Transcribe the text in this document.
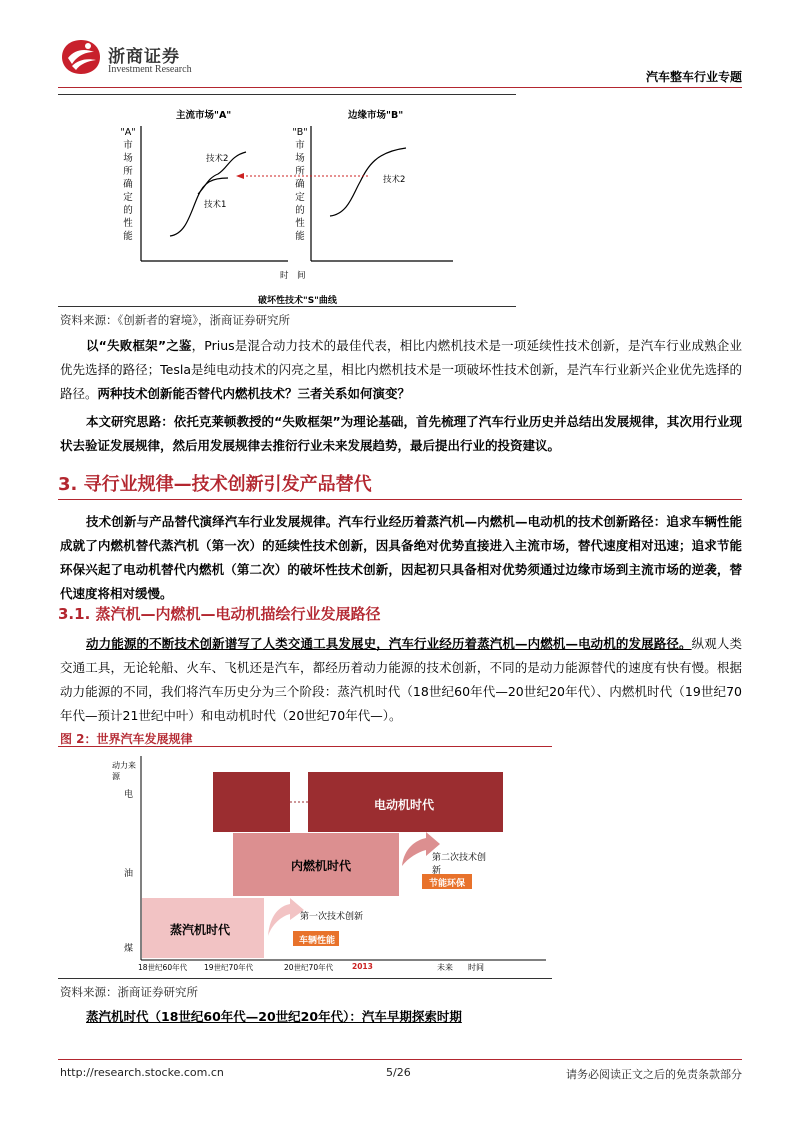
浙商证券
Investment Research
汽车整车行业专题
主流市场"A"	边缘市场"B"
"A"
市
场
所
确
定
的
性
能
"B"
市
场
所
确
定
的
性
能
技术2
技术1
技术2
时　间
破坏性技术"S"曲线
资料来源：《创新者的窘境》，浙商证券研究所
以“失败框架”之鉴，Prius是混合动力技术的最佳代表，相比内燃机技术是一项延续性技术创新，是汽车行业成熟企业优先选择的路径；Tesla是纯电动技术的闪亮之星，相比内燃机技术是一项破坏性技术创新，是汽车行业新兴企业优先选择的路径。两种技术创新能否替代内燃机技术？三者关系如何演变？
本文研究思路：依托克莱顿教授的“失败框架”为理论基础，首先梳理了汽车行业历史并总结出发展规律，其次用行业现状去验证发展规律，然后用发展规律去推衍行业未来发展趋势，最后提出行业的投资建议。
3. 寻行业规律—技术创新引发产品替代
技术创新与产品替代演绎汽车行业发展规律。汽车行业经历着蒸汽机—内燃机—电动机的技术创新路径：追求车辆性能成就了内燃机替代蒸汽机（第一次）的延续性技术创新，因具备绝对优势直接进入主流市场，替代速度相对迅速；追求节能环保兴起了电动机替代内燃机（第二次）的破坏性技术创新，因起初只具备相对优势须通过边缘市场到主流市场的逆袭，替代速度将相对缓慢。
3.1. 蒸汽机—内燃机—电动机描绘行业发展路径
动力能源的不断技术创新谱写了人类交通工具发展史，汽车行业经历着蒸汽机—内燃机—电动机的发展路径。纵观人类交通工具，无论轮船、火车、飞机还是汽车，都经历着动力能源的技术创新，不同的是动力能源替代的速度有快有慢。根据动力能源的不同，我们将汽车历史分为三个阶段：蒸汽机时代（18世纪60年代—20世纪20年代）、内燃机时代（19世纪70年代—预计21世纪中叶）和电动机时代（20世纪70年代—）。
图 2：世界汽车发展规律
动力来源
电
油
煤
蒸汽机时代
内燃机时代
电动机时代
第一次技术创新
车辆性能
第二次技术创新
节能环保
18世纪60年代 19世纪70年代	20世纪70年代	2013	未来 时间
资料来源：浙商证券研究所
蒸汽机时代（18世纪60年代—20世纪20年代）：汽车早期探索时期
http://research.stocke.com.cn	5/26	请务必阅读正文之后的免责条款部分
